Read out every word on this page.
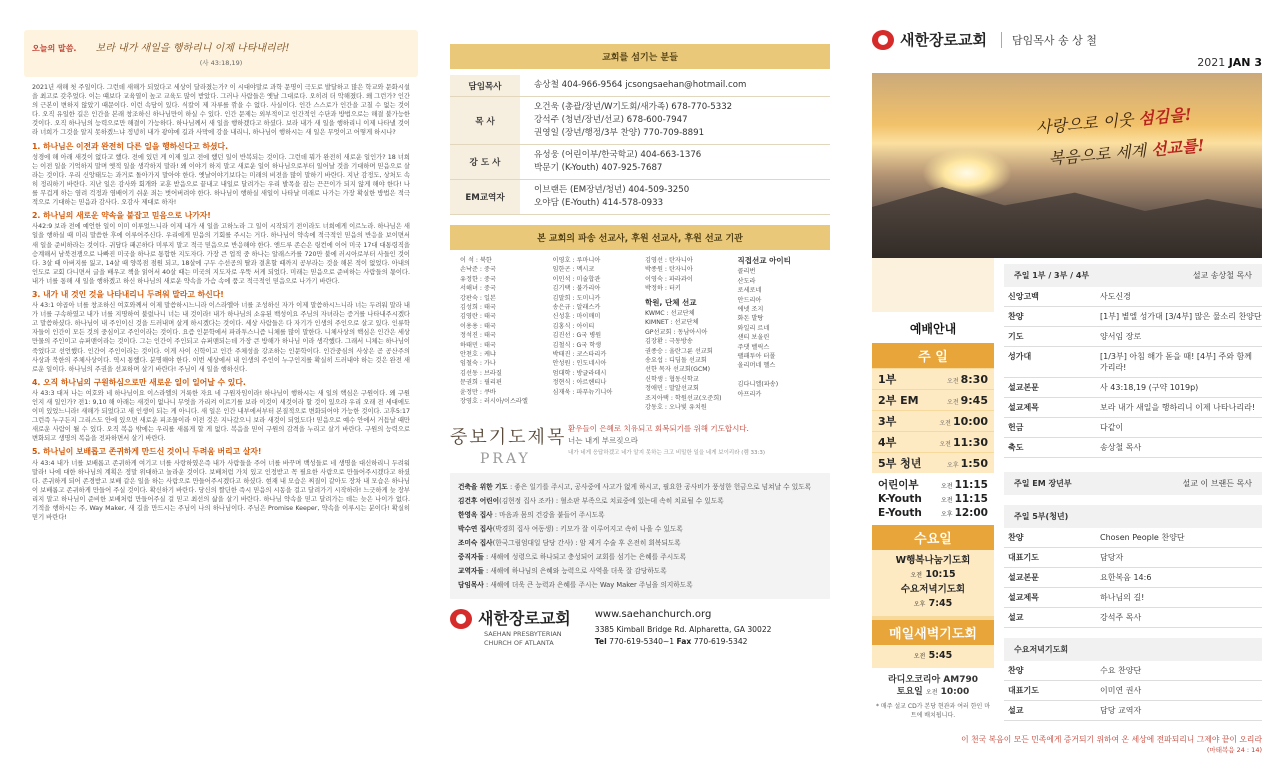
오늘의 말씀. 보라 내가 새일을 행하리니 이제 나타내리라!
(사 43:18,19)

2021년 새해 첫 주일이다. 그런데 새해가 되었다고 세상이 달라졌는가? 이 시대야말로 과학 문명이 극도로 발달하고 많은 학교와 문화시설을 최고로 갖추었다. 이는 떄보다 교육열이 높고 교육도 많이 받았다. 그러나 사람들은 옛날 그대로다. 오히려 더 악해졌다. 왜 그런가? 인간의 근본이 변하지 않았기 때문이다. 이런 속담이 있다. 식칼이 제 자루를 깎을 수 없다. 사실이다. 인간 스스로가 인간을 고칠 수 없는 것이다. 오직 유일한 길은 인간을 본래 창조하신 하나님만이 하실 수 있다. 인간 문제는 외부적이고 인간적인 수단과 방법으로는 해결 불가능한 것이다. 오직 하나님의 능력으로만 해결이 가능하다. 하나님께서 새 일을 행하겠다고 하셨다. 보라 내가 새 일을 행하리니 이제 나타낼 것이라 너희가 그것을 알지 못하겠느냐 정녕히 내가 광야에 길과 사막에 강을 내리니, 하나님이 행하시는 새 일은 무엇이고 어떻게 하시나?

1. 하나님은 이전과 완전히 다른 일을 행하신다고 하셨다.

성경에 해 아래 새것이 없다고 했다. 전에 있던 게 이제 있고 전에 했던 일이 반복되는 것이다. 그런데 뭐가 완전히 새로운 일인가? 18 너희는 이전 일을 기억하지 말며 옛적 일을 생각하지 말라! 왜 이야기 하지 말고 새로운 일이 하나님으로부터 일어날 것을 기대하며 믿음으로 살라는 것이다. 우리 신앙태도는 과거로 돌아가지 말아야 한다. 옛날이야기보다는 미래의 비전을 많이 말하기 바란다. 지난 감정도, 상처도 속히 정리하기 바란다. 지난 일은 감사와 회개와 교훈 받음으로 끝내고 내일로 달려가는 우리 발목을 잡는 끈끈이가 되지 않게 해야 한다! 나를 무겁게 하는 염려 걱정과 염배이기 쉬운 죄는 벗어버려야 한다. 하나님이 행하실 새일이 나타날 미래로 나가는 가장 확실한 방법은 적극적으로 기대하는 믿음과 감사다. 오감사 제대로 하자!

2. 하나님의 새로운 약속을 붙잡고 믿음으로 나가자!

사42:9 보라 전에 예언한 일이 이미 이루었느니라 이제 내가 새 일을 고하노라 그 일이 시작되기 전이라도 너희에게 이르노라. 하나님은 새 일을 행하실 때 미리 말씀한 후에 이루어주신다. 우리에게 믿음의 기회를 주시는 거다. 하나님이 약속에 적극적인 믿음의 반응을 보이면서 새 일을 준비하라는 것이다. 귀담다 패곤하다 미루지 말고 적극 믿음으로 반응해야 한다. 엔드루 존슨은 링컨에 이어 미국 17대 대통령직을 승계해서 남북전쟁으로 나빠진 미국을 하나로 통합한 지도자다. 가장 큰 업적 중 하나는 알래스카를 720만 불에 러시아로부터 사들인 것이다. 3살 때 아버지를 잃고, 14살 때 양복점 점원 되고, 18살에 구두 수선공의 딸과 결혼할 때까지 공부라는 것을 해본 적이 없었다. 아내의 인도로 교회 다니면서 글을 배우고 책을 읽어서 40살 때는 미국의 지도자로 우뚝 서게 되었다. 미래는 믿음으로 준비하는 사람들의 몫이다. 내가 너를 통해 새 일을 행하겠고 하신 하나님의 새로운 약속을 가슴 속에 품고 적극적인 믿음으로 나가기 바란다.

3. 내가 내 것인 것을 나타내리니 두려워 말라고 하신다!

사 43:1 야곱아 너를 창조하신 여호와께서 이제 말씀하시느니라 이스라엘아 너를 조성하신 자가 이제 말씀하시느니라 너는 두려워 말라 내가 너를 구속하였고 내가 너를 지명하여 불렀나니 너는 내 것이라! 내가 하나님의 소유된 백성이요 주님의 자녀라는 증거를 나타내주시겠다고 말씀하셨다. 하나님이 내 주인이신 것을 드러내며 살게 하시겠다는 것이다. 세상 사람들은 다 자기가 인생의 주인으로 살고 있다. 인류학자들이 인간이 모든 것의 중심이고 주인이라는 것이다. 요즘 인문학에서 파라투스니즘 니체를 많이 말한다. 니체사상의 핵심은 인간은 세상 만물의 주인이고 슈퍼맨이라는 것이다. 그는 인간이 주인되고 슈퍼맨되는데 가장 큰 방해가 하나님 이라 생각했다. 그래서 니체는 하나님이 죽었다고 선언했다. 인간이 주인이라는 것이다. 이게 사이 신학이고 인간 주체성을 강조하는 인문학이다. 인간중심의 사상은 곧 공산주의 사상과 북한의 주체사상이다. 역시 통했다. 분명해야 한다. 이번 세상에서 내 인생의 주인이 누구인지를 확실히 드러내야 하는 것은 완전 새로운 일이다. 하나님의 주권을 선포하며 살기 바란다! 주님이 새 일을 행하신다.

4. 오직 하나님의 구원하심으로만 새로운 일이 일어날 수 있다.

사 43:3 대저 나는 여호와 네 하나님이요 이스라엘의 거룩한 자요 네 구원자임이라! 하나님이 행하시는 새 일의 핵심은 구원이다. 왜 구원인지 새 일인가? 전1: 9,10 해 아래는 새것이 없나니 무엇을 가리켜 이르기를 보라 이것이 새것이라 할 것이 있으랴 우리 오래 전 세대에도 이미 있었느니라! 새해가 되었다고 새 인생이 되는 게 아니다. 새 일은 인간 내부에서부터 본질적으로 변화되어야 가능한 것이다. 고후5:17 그런즉 누구든지 그리스도 안에 있으면 새로운 피조물이라 이전 것은 지나갔으니 보라 새것이 되었도다! 믿음으로 예수 안에서 거듭날 때만 새로운 사람이 될 수 있다. 오직 복음 밖에는 우리를 새롭게 할 게 없다. 복음을 믿어 구원의 감격을 누리고 살기 바란다. 구원의 능력으로 변화되고 생명의 복음을 전파하면서 살기 바란다.

5. 하나님이 보배롭고 존귀하게 만드신 것이니 두려움 버리고 살자!

사 43:4 내가 너를 보배롭고 존귀하게 여기고 너를 사랑하였은즉 내가 사람들을 주어 너를 바꾸며 백성들로 네 생명을 대신하리니 두려워 말라! 나에 대한 하나님의 계획은 정말 위대하고 놀라운 것이다. 보배처럼 가치 있고 인정받고 꼭 필요한 사람으로 만들어주시겠다고 하셨다. 존귀하게 되어 존경받고 보배 같은 일을 하는 사람으로 만들어주시겠다고 하셨다. 현재 내 모습은 찌질이 같아도 장차 내 모습은 하나님이 보배롭고 존귀하게 만들어 주실 것이다. 확신하기 바란다. 당신의 짤딘한 즉시 믿음의 시동을 걸고 달려가기 시작하라! 느긋하게 늦 장부리지 말고 하나님이 준비한 보배처럼 만들어주실 걸 믿고 최선의 삶을 살기 바란다. 하나님 약속을 믿고 달려가는 데는 늦은 나이가 없다. 기적을 행하시는 주, Way Maker, 새 길을 만드시는 주님이 나의 하나님이다. 주님은 Promise Keeper, 약속을 이루시는 분이다! 확실히 믿기 바란다!

교회를 섬기는 분들
담임목사	송상철 404-966-9564 jcsongsaehan@hotmail.com

목 사	오건욱 (총괄/장년/W기도회/새가족) 678-770-5332
강석주 (청년/장년/선교) 678-600-7947
권영일 (장년/행정/3부 찬양) 770-709-8891

강 도 사	유성웅 (어린이부/한국학교) 404-663-1376
박문기 (K-Youth) 407-925-7687

EM교역자	이브랜든 (EM장년/청년) 404-509-3250
오야담 (E-Youth) 414-578-0933
본 교회의 파송 선교사, 후원 선교사, 후원 선교 기관
이 석 : 북한
손낙준 : 중국
유정한 : 중국
서해녀 : 중국
강판숙 : 일본
김성희 : 태국
김영란 : 태국
이용용 : 태국
정석진 : 태국
하태민 : 태국
안천호 : 케냐
임철숙 : 가나
김선동 : 브라질
문권희 : 필리핀
윤정만 : 쿠바
장영호 : 러시아/이스라엘
이영호 : 루마니아
임한곤 : 멕시코
이민석 : 미술합관
김기택 : 불가리아
김말희 : 도미니카
송은규 : 알래스카
신성훈 : 마이매미
김홍식 : 아이티
김진선 : G국 병원
김철식 : G국 학생
박태진 : 코스타리카
안성원 : 인도네시아
엄대학 : 방글라데시
정현식 : 아르헨티나
심재욱 : 파푸뉴기니아
김영선 : 탄자니아
박종원 : 탄자니아
이영숙 : 파라과이
박정하 : 터키
학원, 단체 선교
KWMC : 선교단체
KIMNET : 선교단체
GP선교회 : 동남아시아
김장환 : 극동방송
권종승 : 울란그룬 선교회
송요섭 : 디딤돌 선교회
선한 목자 선교회(GCM)
신학생 : 협동신학교
정애민 : 말알선교회
조지아택 : 학원선교(오준희)
강동호 : 오나빛 유치원
직접선교 아이티
콜리번
산도라
로세로네
안드리아
에넷 조지
화돈 발탕
와일리 르네
샌티 보울린
주댓 벨릭스
팰패투아 터폴
올리머네 헬스

김다니엘(파송)
아프리카
중보기도제목
PRAY
환우들이 은혜로 치유되고 회복되기를 위해 기도합시다.
너는 내게 부르짖으라
내가 네게 응답하겠고 네가 알지 못하는 크고 비밀한 일을 네게 보이리라 (렘 33:3)
건축을 위한 기도 : 좋은 일기를 주시고, 공사중에 사고가 없게 하시고, 필요한 공사비가 풍성한 헌금으로 넘쳐날 수 있도록
김건후 어린이(김현정 집사 조카) : 혈소판 부족으로 치료중에 있는데 속히 치료될 수 있도록
한영옥 집사 : 마음과 몸의 건강을 붙들어 주시도록
박수연 집사(박경희 집사 여동생) : 키모가 잘 이루어지고 속히 나을 수 있도록
조미숙 집사(한국그림엄대일 담당 간사) : 암 제거 수술 후 온전히 회복되도록
중직자들 : 새해에 성령으로 하나되고 충성되어 교회를 섬기는 은혜를 주시도록
교역자들 : 새해에 하나님의 은혜와 능력으로 사역을 더욱 잘 감당하도록
담임목사 : 새해에 더욱 큰 능력과 은혜를 주시는 Way Maker 주님을 의지하도록
새한장로교회
SAEHAN PRESBYTERIAN
CHURCH OF ATLANTA
www.saehanchurch.org
3385 Kimball Bridge Rd. Alpharetta, GA 30022
Tel 770-619-5340~1 Fax 770-619-5342
새한장로교회	담임목사 송 상 철
2021 JAN 3
사랑으로 이웃 섬김을!
복음으로 세계 선교를!
예배안내
주 일
1부	오전 8:30
2부 EM	오전 9:45
3부	오전 10:00
4부	오전 11:30
5부 청년	오후 1:50
어린이부	오전 11:15
K-Youth	오전 11:15
E-Youth	오후 12:00
수요일
W행복나눔기도회
오전 10:15
수요저녁기도회
오후 7:45
매일새벽기도회
오전 5:45
라디오코리아 AM790
토요일 오전 10:00
* 매주 설교 CD가 본당 현관과 여러 한인 마트에 배치됩니다.
주일 1부 / 3부 / 4부	설교 송상철 목사
신앙고백	사도신경
찬양	[1부] 볕엘 성가대 [3/4부] 많은 물소리 찬양단
기도	양서임 장로
성가대	[1/3부] 아침 해가 돋을 때! [4부] 주와 함께 가리라!
설교본문	사 43:18,19 (구약 1019p)
설교제목	보라 내가 새일을 행하리니 이제 나타나리라!
헌금	다같이
축도	송상철 목사
주일 EM 장년부	설교 이 브랜든 목사
주일 5부(청년)
찬양	Chosen People 찬양단
대표기도	담당자
설교본문	요한복음 14:6
설교제목	하나님의 길!
설교	강석주 목사
수요저녁기도회
찬양	수요 찬양단
대표기도	이미연 권사
설교	담당 교역자
이 천국 복음이 모든 민족에게 증거되기 위하여 온 세상에 전파되리니 그제야 끝이 오리라
(마태복음 24 : 14)
